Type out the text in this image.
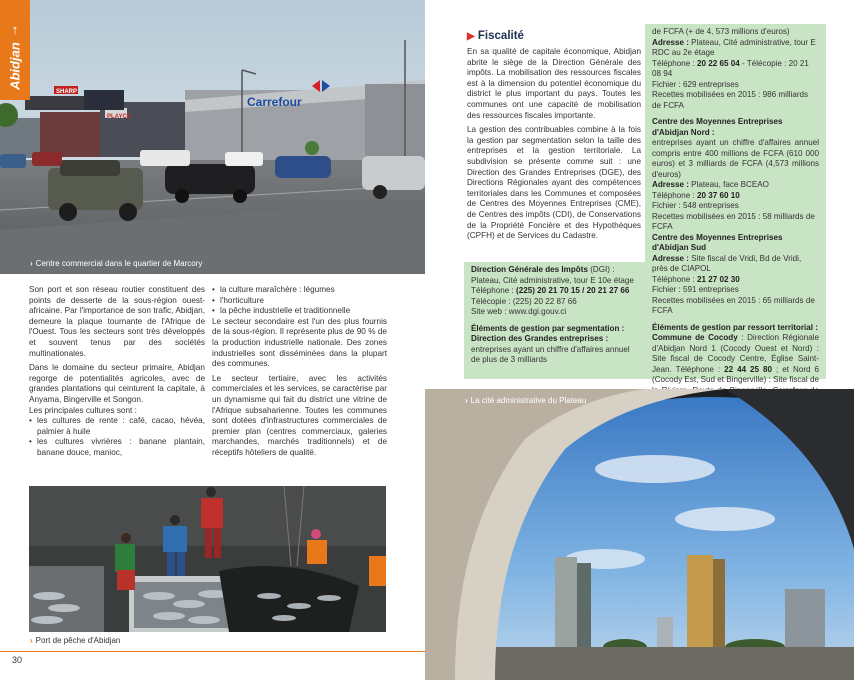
Carrefour
PLAYCE
SHARP
› Centre commercial dans le quartier de Marcory
Abidjan ↑

Son port et son réseau routier constituent des points de desserte de la sous-région ouest-africaine. Par l'importance de son trafic, Abidjan, demeure la plaque tournante de l'Afrique de l'Ouest. Tous les secteurs sont très développés et souvent tenus par des sociétés multinationales.

Dans le domaine du secteur primaire, Abidjan regorge de potentialités agricoles, avec de grandes plantations qui ceinturent la capitale, à Anyama, Bingerville et Songon.

Les principales cultures sont :

• les cultures de rente : café, cacao, hévéa, palmier à huile
• les cultures vivrières : banane plantain, banane douce, manioc,
• la culture maraîchère : légumes
• l'horticulture
• la pêche industrielle et traditionnelle

Le secteur secondaire est l'un des plus fournis de la sous-région. Il représente plus de 90 % de la production industrielle nationale. Des zones industrielles sont disséminées dans la plupart des communes.

Le secteur tertiaire, avec les activités commerciales et les services, se caractérise par un dynamisme qui fait du district une vitrine de l'Afrique subsaharienne. Toutes les communes sont dotées d'infrastructures commerciales de premier plan (centres commerciaux, galeries marchandes, marchés traditionnels) et de réceptifs hôteliers de qualité.

› Port de pêche d'Abidjan
30
▶ Fiscalité

En sa qualité de capitale économique, Abidjan abrite le siège de la Direction Générale des impôts. La mobilisation des ressources fiscales est à la dimension du potentiel économique du district le plus important du pays. Toutes les communes ont une capacité de mobilisation des ressources fiscales importante.

La gestion des contribuables combine à la fois la gestion par segmentation selon la taille des entreprises et la gestion territoriale. La subdivision se présente comme suit : une Direction des Grandes Entreprises (DGE), des Directions Régionales ayant des compétences territoriales dans les Communes et composées de Centres des Moyennes Entreprises (CME), de Centres des impôts (CDI), de Conservations de la Propriété Foncière et des Hypothèques (CPFH) et de Services du Cadastre.

Direction Générale des Impôts (DGI) : Plateau, Cité administrative, tour E 10e étage

Téléphone : (225) 20 21 70 15 / 20 21 27 66

Télécopie : (225) 20 22 87 66

Site web : www.dgi.gouv.ci

Éléments de gestion par segmentation :

Direction des Grandes entreprises : entreprises ayant un chiffre d'affaires annuel de plus de 3 milliards

de FCFA (+ de 4, 573 millions d'euros)

Adresse : Plateau, Cité administrative, tour E RDC au 2e étage

Téléphone : 20 22 65 04 - Télécopie : 20 21 08 94

Fichier : 629 entreprises

Recettes mobilisées en 2015 : 986 milliards de FCFA

Centre des Moyennes Entreprises d'Abidjan Nord :

entreprises ayant un chiffre d'affaires annuel compris entre 400 millions de FCFA (610 000 euros) et 3 milliards de FCFA (4,573 millions d'euros)

Adresse : Plateau, face BCEAO

Téléphone : 20 37 60 10

Fichier : 548 entreprises

Recettes mobilisées en 2015 : 58 milliards de FCFA

Centre des Moyennes Entreprises d'Abidjan Sud

Adresse : Site fiscal de Vridi, Bd de Vridi, près de CIAPOL

Téléphone : 21 27 02 30

Fichier : 591 entreprises

Recettes mobilisées en 2015 : 65 milliards de FCFA

Éléments de gestion par ressort territorial :

Commune de Cocody : Direction Régionale d'Abidjan Nord 1 (Cocody Ouest et Nord) : Site fiscal de Cocody Centre, Église Saint-Jean. Téléphone : 22 44 25 80 ; et Nord 6 (Cocody Est, Sud et Bingerville) : Site fiscal de

› La cité administrative du Plateau
